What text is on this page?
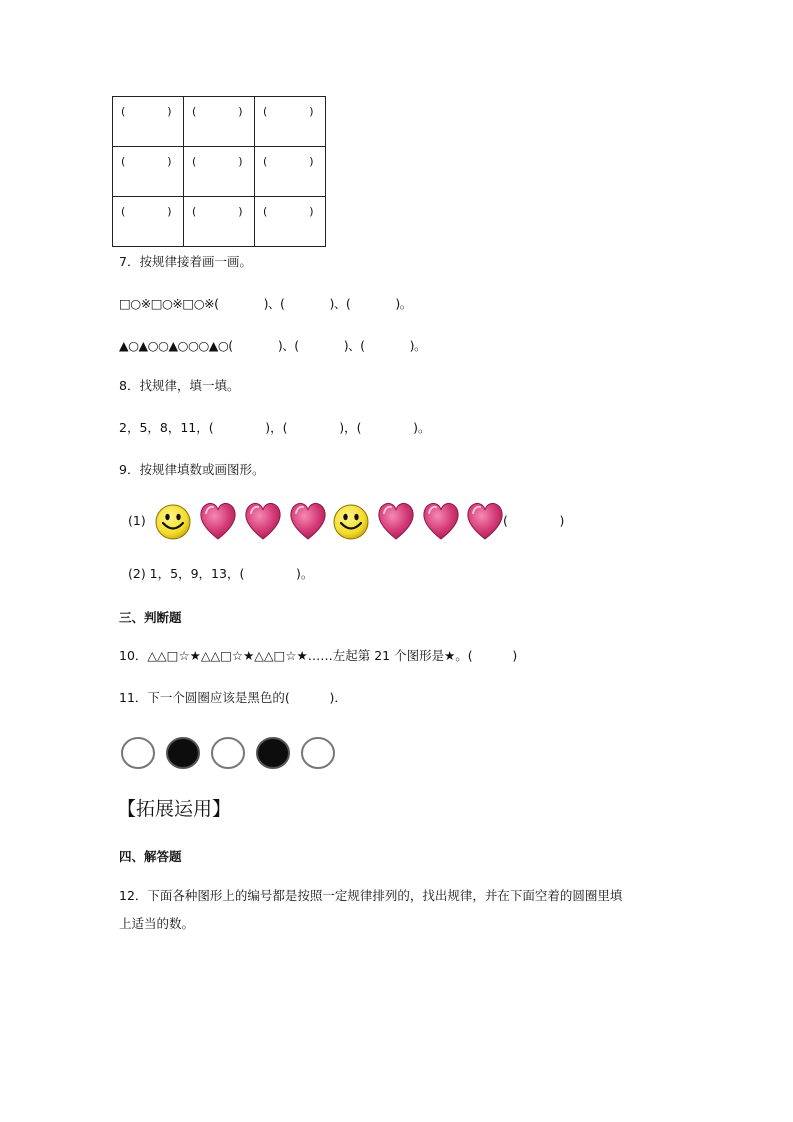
(            )	(            )	(            )

(            )	(            )	(            )

(            )	(            )	(            )
7．按规律接着画一画。
□○※□○※□○※(             )、(             )、(             )。
▲○▲○○▲○○○▲○(             )、(             )、(             )。
8．找规律，填一填。
2，5，8，11，(             )，(             )，(             )。
9．按规律填数或画图形。
(1)	(             )
(2) 1，5，9，13，(             )。
三、判断题
10．△△□☆★△△□☆★△△□☆★……左起第 21 个图形是★。(          )
11．下一个圆圈应该是黑色的(          )．
【拓展运用】
四、解答题
12．下面各种图形上的编号都是按照一定规律排列的，找出规律，并在下面空着的圆圈里填
上适当的数。
